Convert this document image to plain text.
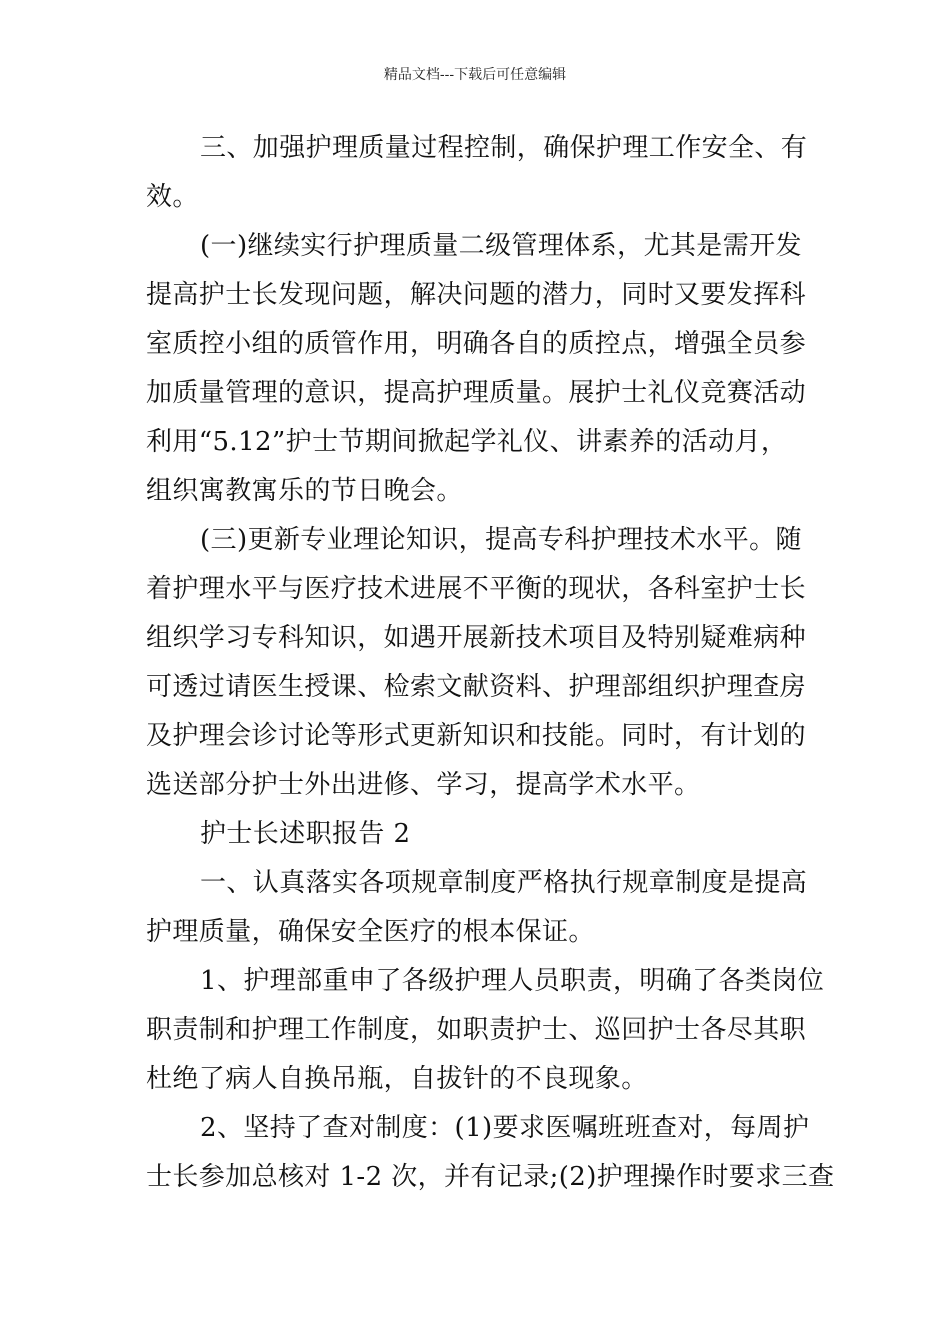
精品文档---下载后可任意编辑
三、加强护理质量过程控制，确保护理工作安全、有
效。
(一)继续实行护理质量二级管理体系，尤其是需开发
提高护士长发现问题，解决问题的潜力，同时又要发挥科
室质控小组的质管作用，明确各自的质控点，增强全员参
加质量管理的意识，提高护理质量。展护士礼仪竞赛活动
利用“5.12”护士节期间掀起学礼仪、讲素养的活动月，
组织寓教寓乐的节日晚会。
(三)更新专业理论知识，提高专科护理技术水平。随
着护理水平与医疗技术进展不平衡的现状，各科室护士长
组织学习专科知识，如遇开展新技术项目及特别疑难病种
可透过请医生授课、检索文献资料、护理部组织护理查房
及护理会诊讨论等形式更新知识和技能。同时，有计划的
选送部分护士外出进修、学习，提高学术水平。
护士长述职报告 2
一、认真落实各项规章制度严格执行规章制度是提高
护理质量，确保安全医疗的根本保证。
1、护理部重申了各级护理人员职责，明确了各类岗位
职责制和护理工作制度，如职责护士、巡回护士各尽其职
杜绝了病人自换吊瓶，自拔针的不良现象。
2、坚持了查对制度：(1)要求医嘱班班查对，每周护
士长参加总核对 1-2 次，并有记录;(2)护理操作时要求三查
